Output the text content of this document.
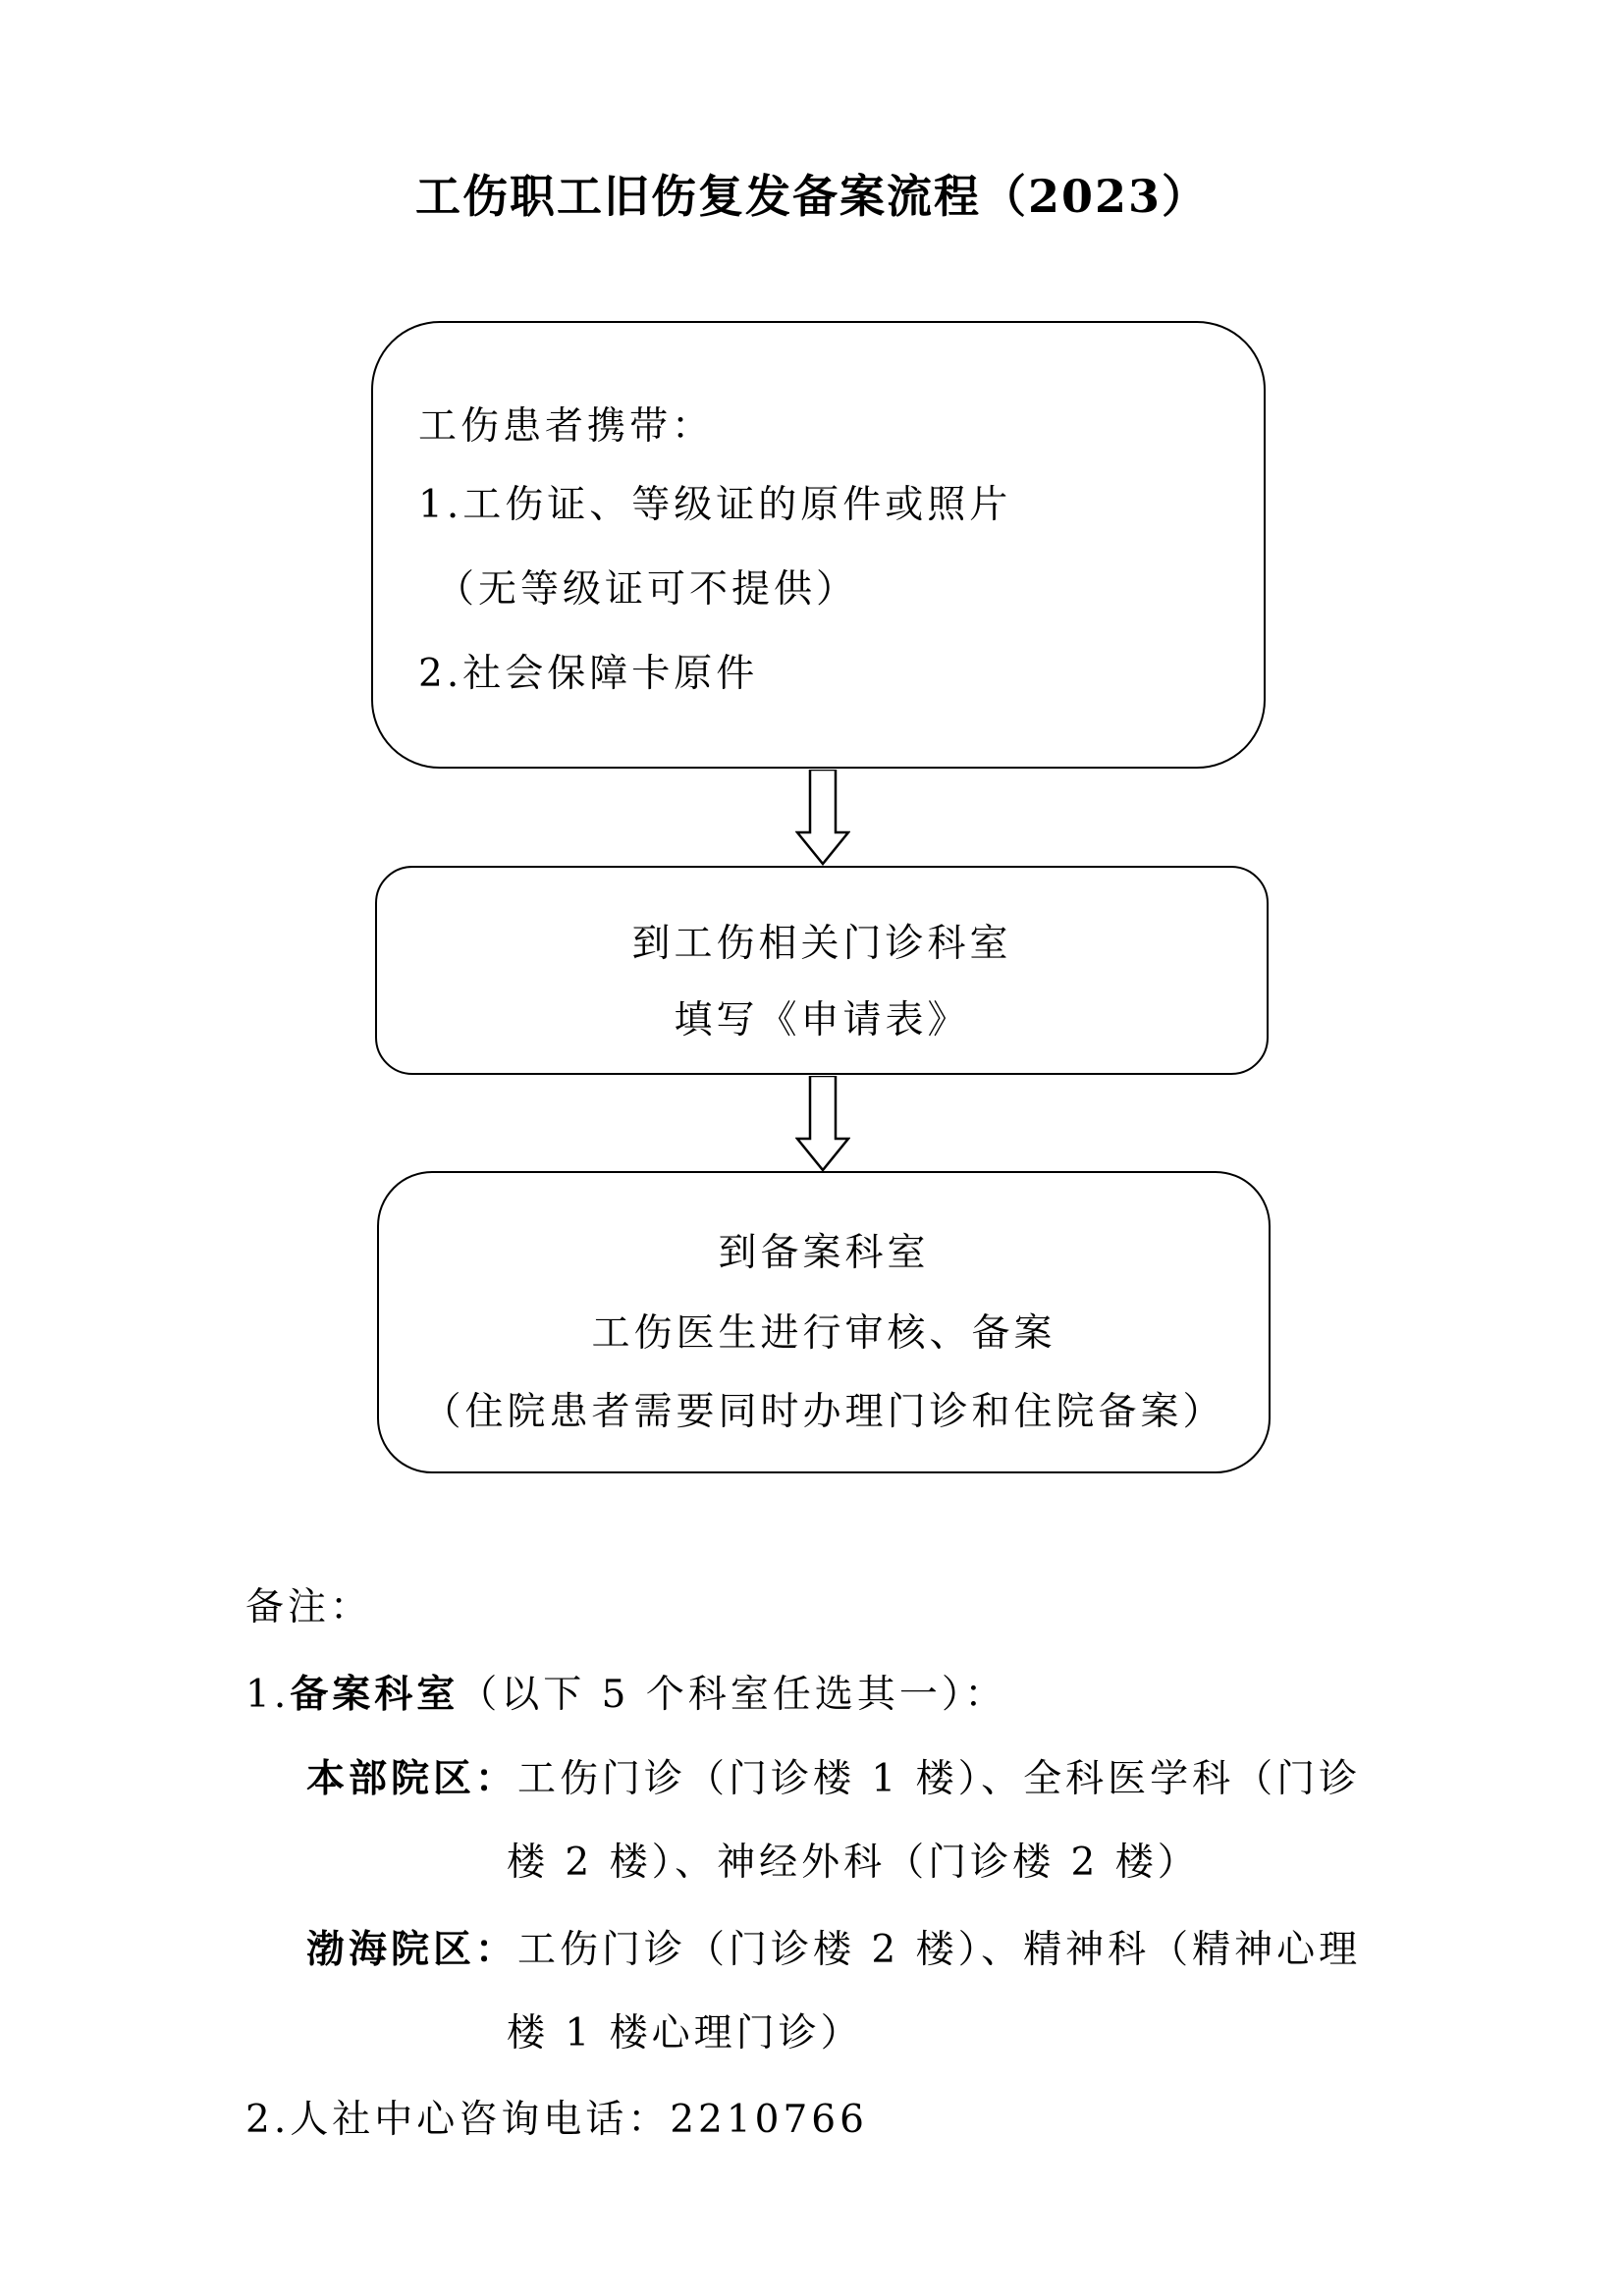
工伤职工旧伤复发备案流程（2023）
工伤患者携带：
1.工伤证、等级证的原件或照片
（无等级证可不提供）
2.社会保障卡原件
到工伤相关门诊科室
填写《申请表》
到备案科室
工伤医生进行审核、备案
（住院患者需要同时办理门诊和住院备案）
备注：
1.备案科室（以下 5 个科室任选其一）：
本部院区：工伤门诊（门诊楼 1 楼）、全科医学科（门诊
楼 2 楼）、神经外科（门诊楼 2 楼）
渤海院区：工伤门诊（门诊楼 2 楼）、精神科（精神心理
楼 1 楼心理门诊）
2.人社中心咨询电话：2210766
